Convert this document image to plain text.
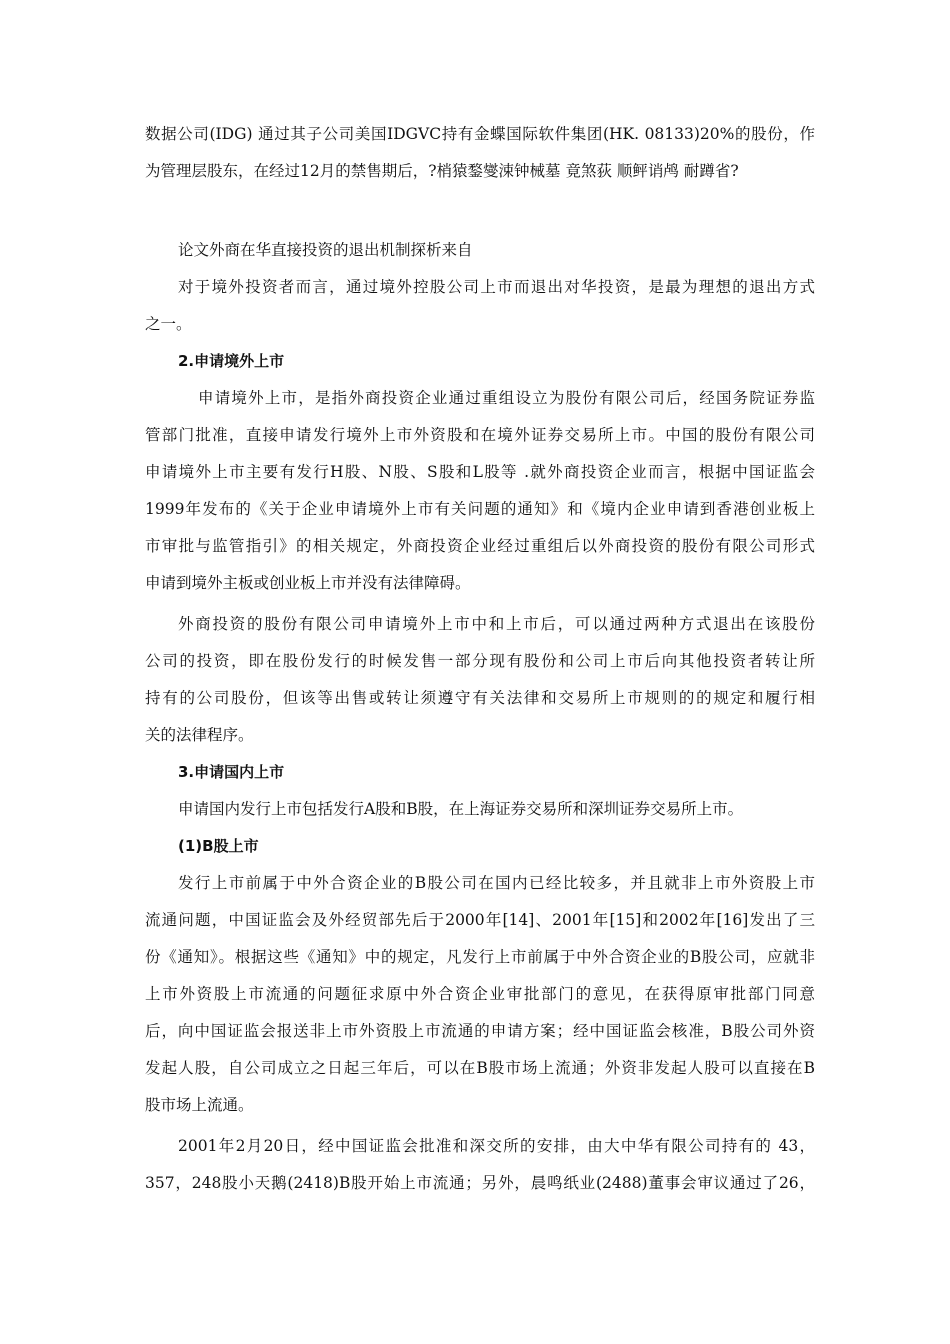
数据公司(IDG) 通过其子公司美国IDGVC持有金蝶国际软件集团(HK. 08133)20%的股份，作
为管理层股东，在经过12月的禁售期后，?梢猿鍪燮涑钟械墓 竟煞荻 顺鲆诮鸬 耐蹲省?
论文外商在华直接投资的退出机制探析来自
对于境外投资者而言，通过境外控股公司上市而退出对华投资，是最为理想的退出方式
之一。
2.申请境外上市
申请境外上市，是指外商投资企业通过重组设立为股份有限公司后，经国务院证券监
管部门批准，直接申请发行境外上市外资股和在境外证券交易所上市。中国的股份有限公司
申请境外上市主要有发行H股、N股、S股和L股等 .就外商投资企业而言，根据中国证监会
1999年发布的《关于企业申请境外上市有关问题的通知》和《境内企业申请到香港创业板上
市审批与监管指引》的相关规定，外商投资企业经过重组后以外商投资的股份有限公司形式
申请到境外主板或创业板上市并没有法律障碍。
外商投资的股份有限公司申请境外上市中和上市后，可以通过两种方式退出在该股份
公司的投资，即在股份发行的时候发售一部分现有股份和公司上市后向其他投资者转让所
持有的公司股份，但该等出售或转让须遵守有关法律和交易所上市规则的的规定和履行相
关的法律程序。
3.申请国内上市
申请国内发行上市包括发行A股和B股，在上海证券交易所和深圳证券交易所上市。
(1)B股上市
发行上市前属于中外合资企业的B股公司在国内已经比较多，并且就非上市外资股上市
流通问题，中国证监会及外经贸部先后于2000年[14]、2001年[15]和2002年[16]发出了三
份《通知》。根据这些《通知》中的规定，凡发行上市前属于中外合资企业的B股公司，应就非
上市外资股上市流通的问题征求原中外合资企业审批部门的意见，在获得原审批部门同意
后，向中国证监会报送非上市外资股上市流通的申请方案；经中国证监会核准，B股公司外资
发起人股，自公司成立之日起三年后，可以在B股市场上流通；外资非发起人股可以直接在B
股市场上流通。
2001年2月20日，经中国证监会批准和深交所的安排，由大中华有限公司持有的 43，
357，248股小天鹅(2418)B股开始上市流通；另外，晨鸣纸业(2488)董事会审议通过了26，
